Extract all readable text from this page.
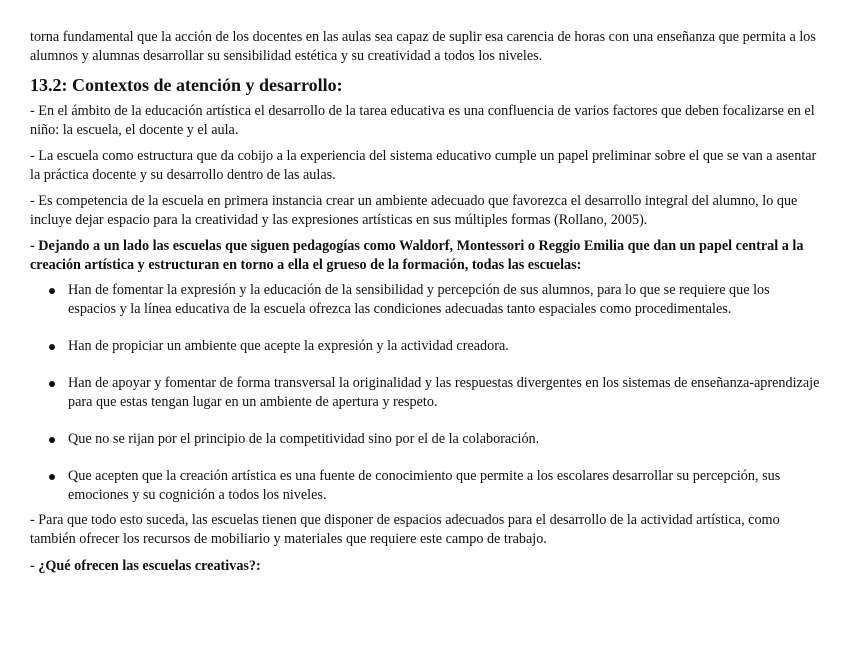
torna fundamental que la acción de los docentes en las aulas sea capaz de suplir esa carencia de horas con una enseñanza que permita a los alumnos y alumnas desarrollar su sensibilidad estética y su creatividad a todos los niveles.

13.2: Contextos de atención y desarrollo:

- En el ámbito de la educación artística el desarrollo de la tarea educativa es una confluencia de varios factores que deben focalizarse en el niño: la escuela, el docente y el aula.

- La escuela como estructura que da cobijo a la experiencia del sistema educativo cumple un papel preliminar sobre el que se van a asentar la práctica docente y su desarrollo dentro de las aulas.

- Es competencia de la escuela en primera instancia crear un ambiente adecuado que favorezca el desarrollo integral del alumno, lo que incluye dejar espacio para la creatividad y las expresiones artísticas en sus múltiples formas (Rollano, 2005).

- Dejando a un lado las escuelas que siguen pedagogías como Waldorf, Montessori o Reggio Emilia que dan un papel central a la creación artística y estructuran en torno a ella el grueso de la formación, todas las escuelas:

Han de fomentar la expresión y la educación de la sensibilidad y percepción de sus alumnos, para lo que se requiere que los espacios y la línea educativa de la escuela ofrezca las condiciones adecuadas tanto espaciales como procedimentales.
Han de propiciar un ambiente que acepte la expresión y la actividad creadora.
Han de apoyar y fomentar de forma transversal la originalidad y las respuestas divergentes en los sistemas de enseñanza-aprendizaje para que estas tengan lugar en un ambiente de apertura y respeto.
Que no se rijan por el principio de la competitividad sino por el de la colaboración.
Que acepten que la creación artística es una fuente de conocimiento que permite a los escolares desarrollar su percepción, sus emociones y su cognición a todos los niveles.

- Para que todo esto suceda, las escuelas tienen que disponer de espacios adecuados para el desarrollo de la actividad artística, como también ofrecer los recursos de mobiliario y materiales que requiere este campo de trabajo.

- ¿Qué ofrecen las escuelas creativas?:
